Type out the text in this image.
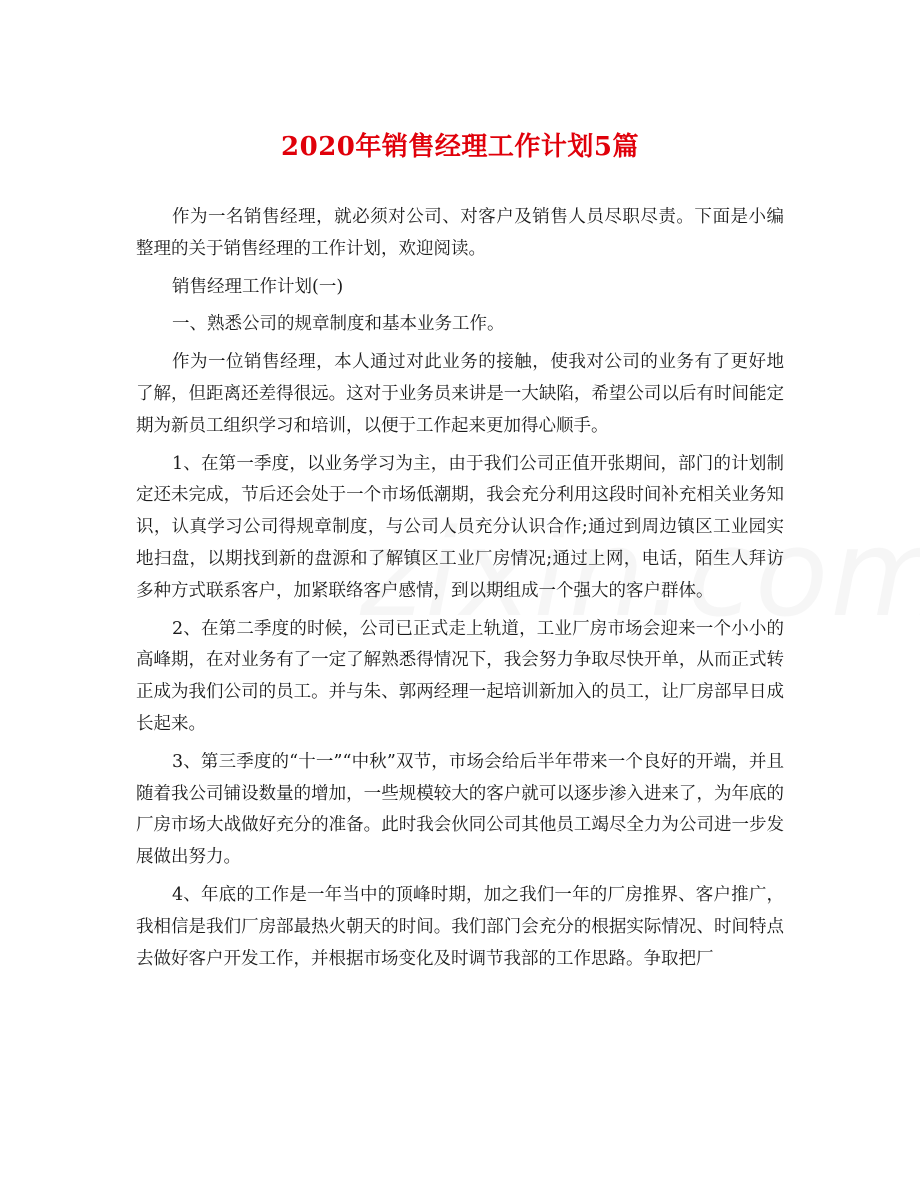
2020年销售经理工作计划5篇

作为一名销售经理，就必须对公司、对客户及销售人员尽职尽责。下面是小编整理的关于销售经理的工作计划，欢迎阅读。

销售经理工作计划(一)

一、熟悉公司的规章制度和基本业务工作。

作为一位销售经理，本人通过对此业务的接触，使我对公司的业务有了更好地了解，但距离还差得很远。这对于业务员来讲是一大缺陷，希望公司以后有时间能定期为新员工组织学习和培训，以便于工作起来更加得心顺手。

1、在第一季度，以业务学习为主，由于我们公司正值开张期间，部门的计划制定还未完成，节后还会处于一个市场低潮期，我会充分利用这段时间补充相关业务知识，认真学习公司得规章制度，与公司人员充分认识合作;通过到周边镇区工业园实地扫盘，以期找到新的盘源和了解镇区工业厂房情况;通过上网，电话，陌生人拜访多种方式联系客户，加紧联络客户感情，到以期组成一个强大的客户群体。

2、在第二季度的时候，公司已正式走上轨道，工业厂房市场会迎来一个小小的高峰期，在对业务有了一定了解熟悉得情况下，我会努力争取尽快开单，从而正式转正成为我们公司的员工。并与朱、郭两经理一起培训新加入的员工，让厂房部早日成长起来。

3、第三季度的“十一”“中秋”双节，市场会给后半年带来一个良好的开端，并且随着我公司铺设数量的增加，一些规模较大的客户就可以逐步渗入进来了，为年底的厂房市场大战做好充分的准备。此时我会伙同公司其他员工竭尽全力为公司进一步发展做出努力。

4、年底的工作是一年当中的顶峰时期，加之我们一年的厂房推界、客户推广，我相信是我们厂房部最热火朝天的时间。我们部门会充分的根据实际情况、时间特点去做好客户开发工作，并根据市场变化及时调节我部的工作思路。争取把厂
